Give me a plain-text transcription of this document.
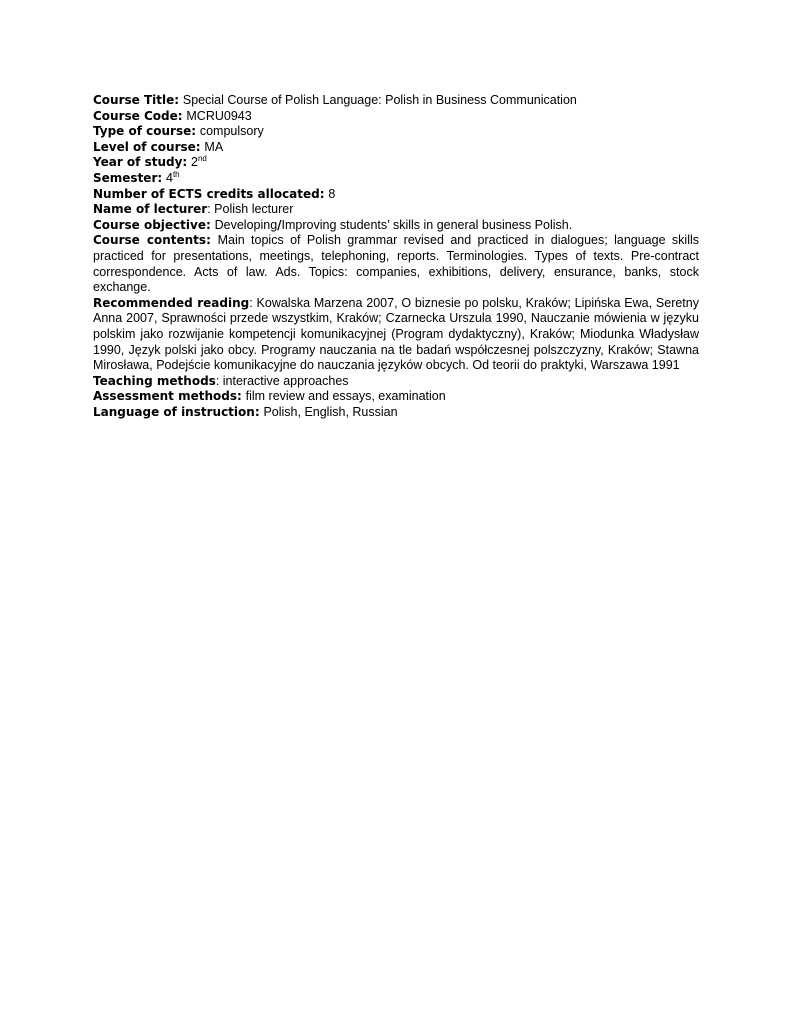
Course Title: Special Course of Polish Language: Polish in Business Communication

Course Code: MCRU0943

Type of course: compulsory

Level of course: MA

Year of study: 2nd

Semester: 4th

Number of ECTS credits allocated: 8

Name of lecturer: Polish lecturer

Course objective: Developing/Improving students’ skills in general business Polish.

Course contents: Main topics of Polish grammar revised and practiced in dialogues; language skills practiced for presentations, meetings, telephoning, reports. Terminologies. Types of texts. Pre-contract correspondence. Acts of law. Ads. Topics: companies, exhibitions, delivery, ensurance, banks, stock exchange.

Recommended reading: Kowalska Marzena 2007, O biznesie po polsku, Kraków; Lipińska Ewa, Seretny Anna 2007, Sprawności przede wszystkim, Kraków; Czarnecka Urszula 1990, Nauczanie mówienia w języku polskim jako rozwijanie kompetencji komunikacyjnej (Program dydaktyczny), Kraków; Miodunka Władysław 1990, Język polski jako obcy. Programy nauczania na tle badań współczesnej polszczyzny, Kraków; Stawna Mirosława, Podejście komunikacyjne do nauczania języków obcych. Od teorii do praktyki, Warszawa 1991

Teaching methods: interactive approaches

Assessment methods: film review and essays, examination

Language of instruction: Polish, English, Russian
